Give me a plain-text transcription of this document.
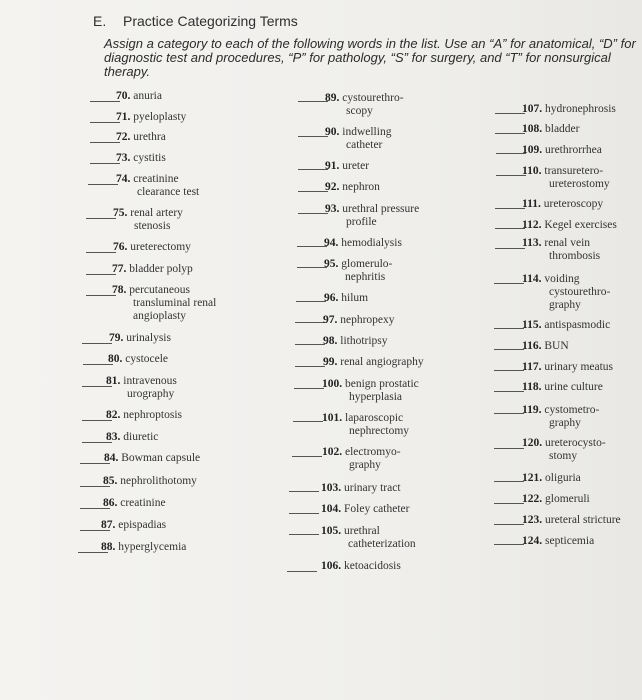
E. Practice Categorizing Terms
Assign a category to each of the following words in the list. Use an “A” for anatomical, “D” for
diagnostic test and procedures, “P” for pathology, “S” for surgery, and “T” for nonsurgical
therapy.
70. anuria
71. pyeloplasty
72. urethra
73. cystitis
74. creatinine
clearance test
75. renal artery
stenosis
76. ureterectomy
77. bladder polyp
78. percutaneous
transluminal renal
angioplasty
79. urinalysis
80. cystocele
81. intravenous
urography
82. nephroptosis
83. diuretic
84. Bowman capsule
85. nephrolithotomy
86. creatinine
87. epispadias
88. hyperglycemia
89. cystourethro-
scopy
90. indwelling
catheter
91. ureter
92. nephron
93. urethral pressure
profile
94. hemodialysis
95. glomerulo-
nephritis
96. hilum
97. nephropexy
98. lithotripsy
99. renal angiography
100. benign prostatic
hyperplasia
101. laparoscopic
nephrectomy
102. electromyo-
graphy
103. urinary tract
104. Foley catheter
105. urethral
catheterization
106. ketoacidosis
107. hydronephrosis
108. bladder
109. urethrorrhea
110. transuretero-
ureterostomy
111. ureteroscopy
112. Kegel exercises
113. renal vein
thrombosis
114. voiding
cystourethro-
graphy
115. antispasmodic
116. BUN
117. urinary meatus
118. urine culture
119. cystometro-
graphy
120. ureterocysto-
stomy
121. oliguria
122. glomeruli
123. ureteral stricture
124. septicemia
